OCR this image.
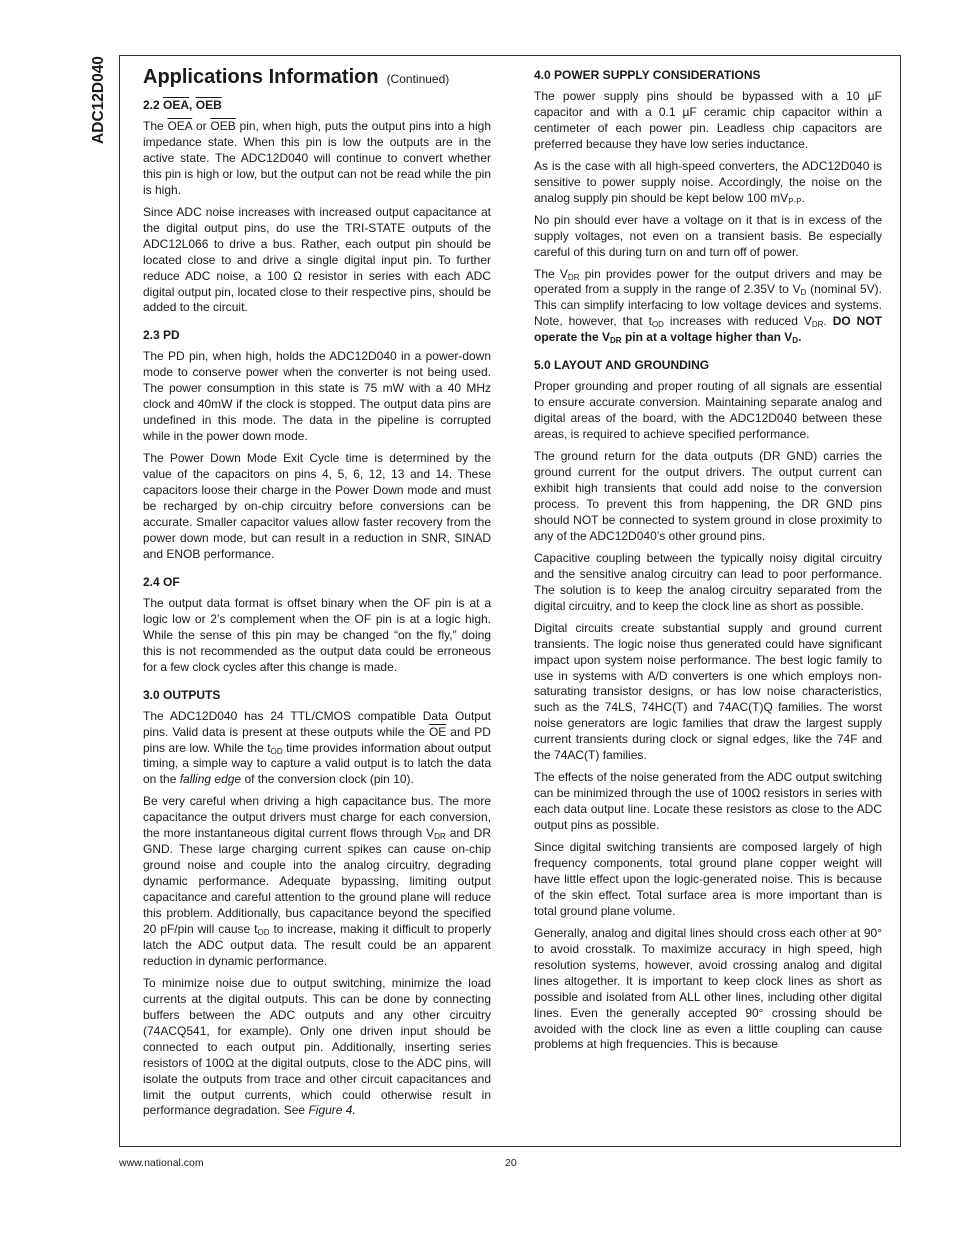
ADC12D040 Applications Information (Continued)
2.2 OEA, OEB

The $\overline{OEA}$ or $\overline{OEB}$ pin, when high, puts the output pins into a high impedance state. When this pin is low the outputs are in the active state. The ADC12D040 will continue to convert whether this pin is high or low, but the output can not be read while the pin is high.

Since ADC noise increases with increased output capacitance at the digital output pins, do use the TRI-STATE outputs of the ADC12L066 to drive a bus. Rather, each output pin should be located close to and drive a single digital input pin. To further reduce ADC noise, a 100 Ω resistor in series with each ADC digital output pin, located close to their respective pins, should be added to the circuit.

2.3 PD

The PD pin, when high, holds the ADC12D040 in a power-down mode to conserve power when the converter is not being used. The power consumption in this state is 75 mW with a 40 MHz clock and 40mW if the clock is stopped. The output data pins are undefined in this mode. The data in the pipeline is corrupted while in the power down mode.

The Power Down Mode Exit Cycle time is determined by the value of the capacitors on pins 4, 5, 6, 12, 13 and 14. These capacitors loose their charge in the Power Down mode and must be recharged by on-chip circuitry before conversions can be accurate. Smaller capacitor values allow faster recovery from the power down mode, but can result in a reduction in SNR, SINAD and ENOB performance.

2.4 OF

The output data format is offset binary when the OF pin is at a logic low or 2’s complement when the OF pin is at a logic high. While the sense of this pin may be changed “on the fly,” doing this is not recommended as the output data could be erroneous for a few clock cycles after this change is made.

3.0 OUTPUTS

The ADC12D040 has 24 TTL/CMOS compatible Data Output pins. Valid data is present at these outputs while the $\overline{OE}$ and PD pins are low. While the $t_{OD}$ time provides information about output timing, a simple way to capture a valid output is to latch the data on the falling edge of the conversion clock (pin 10).

Be very careful when driving a high capacitance bus. The more capacitance the output drivers must charge for each conversion, the more instantaneous digital current flows through $V_{DR}$ and DR GND. These large charging current spikes can cause on-chip ground noise and couple into the analog circuitry, degrading dynamic performance. Adequate bypassing, limiting output capacitance and careful attention to the ground plane will reduce this problem. Additionally, bus capacitance beyond the specified 20 pF/pin will cause $t_{OD}$ to increase, making it difficult to properly latch the ADC output data. The result could be an apparent reduction in dynamic performance.

To minimize noise due to output switching, minimize the load currents at the digital outputs. This can be done by connecting buffers between the ADC outputs and any other circuitry (74ACQ541, for example). Only one driven input should be connected to each output pin. Additionally, inserting series resistors of 100Ω at the digital outputs, close to the ADC pins, will isolate the outputs from trace and other circuit capacitances and limit the output currents, which could otherwise result in performance degradation. See Figure 4.

4.0 POWER SUPPLY CONSIDERATIONS

The power supply pins should be bypassed with a 10 µF capacitor and with a 0.1 µF ceramic chip capacitor within a centimeter of each power pin. Leadless chip capacitors are preferred because they have low series inductance.

As is the case with all high-speed converters, the ADC12D040 is sensitive to power supply noise. Accordingly, the noise on the analog supply pin should be kept below 100 $mV_{P-P}$.

No pin should ever have a voltage on it that is in excess of the supply voltages, not even on a transient basis. Be especially careful of this during turn on and turn off of power.

The $V_{DR}$ pin provides power for the output drivers and may be operated from a supply in the range of 2.35V to $V_D$ (nominal 5V). This can simplify interfacing to low voltage devices and systems. Note, however, that $t_{OD}$ increases with reduced $V_{DR}$. DO NOT operate the $V_{DR}$ pin at a voltage higher than $V_D$.

5.0 LAYOUT AND GROUNDING

Proper grounding and proper routing of all signals are essential to ensure accurate conversion. Maintaining separate analog and digital areas of the board, with the ADC12D040 between these areas, is required to achieve specified performance.

The ground return for the data outputs (DR GND) carries the ground current for the output drivers. The output current can exhibit high transients that could add noise to the conversion process. To prevent this from happening, the DR GND pins should NOT be connected to system ground in close proximity to any of the ADC12D040’s other ground pins.

Capacitive coupling between the typically noisy digital circuitry and the sensitive analog circuitry can lead to poor performance. The solution is to keep the analog circuitry separated from the digital circuitry, and to keep the clock line as short as possible.

Digital circuits create substantial supply and ground current transients. The logic noise thus generated could have significant impact upon system noise performance. The best logic family to use in systems with A/D converters is one which employs non-saturating transistor designs, or has low noise characteristics, such as the 74LS, 74HC(T) and 74AC(T)Q families. The worst noise generators are logic families that draw the largest supply current transients during clock or signal edges, like the 74F and the 74AC(T) families.

The effects of the noise generated from the ADC output switching can be minimized through the use of 100Ω resistors in series with each data output line. Locate these resistors as close to the ADC output pins as possible.

Since digital switching transients are composed largely of high frequency components, total ground plane copper weight will have little effect upon the logic-generated noise. This is because of the skin effect. Total surface area is more important than is total ground plane volume.

Generally, analog and digital lines should cross each other at 90° to avoid crosstalk. To maximize accuracy in high speed, high resolution systems, however, avoid crossing analog and digital lines altogether. It is important to keep clock lines as short as possible and isolated from ALL other lines, including other digital lines. Even the generally accepted 90° crossing should be avoided with the clock line as even a little coupling can cause problems at high frequencies. This is because

www.national.com	20
